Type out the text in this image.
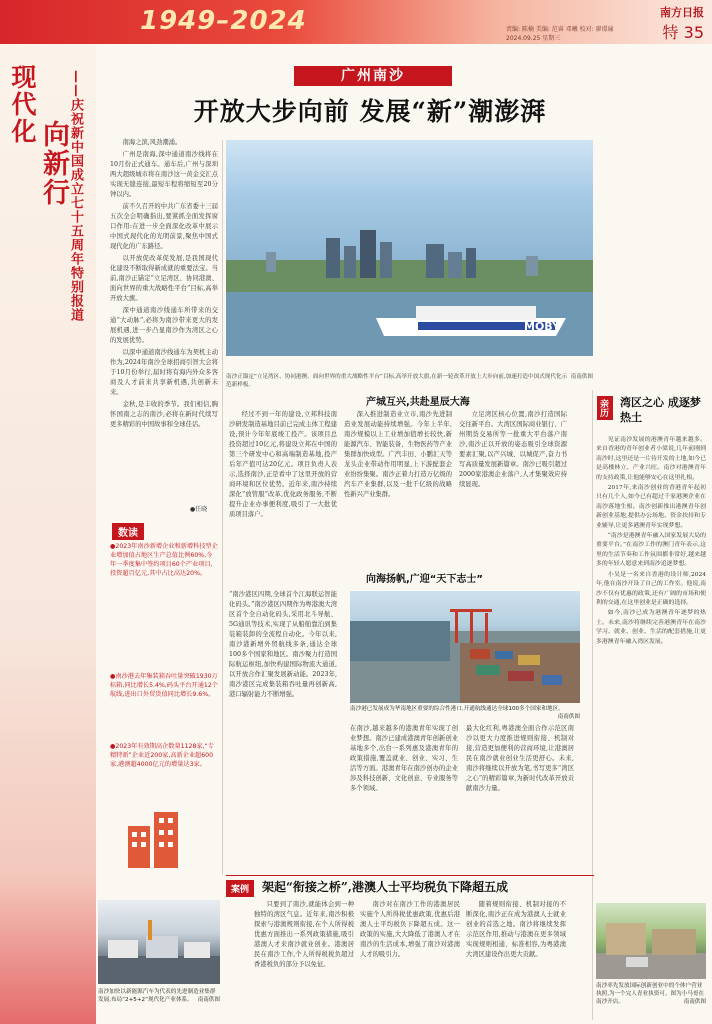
1949–2024	责编: 陈楠 美编: 范睿 邓曦 校对: 廖璟瑜
2024.09.25 星期三
南方日报
特 35
现代化
向新行 ——庆祝新中国成立七十五周年特别报道	广州南沙
开放大步向前 发展“新”潮澎湃

南海之滨,风劲潮涌。

广州是南海,深中通道南沙线将在10月份正式通车。通车后,广州与深圳两大超级城市将在南沙这一黄金交汇点实现无缝连接,最短车程将缩短至20分钟以内。

前不久召开的中共广东省委十三届五次全会明确指出,要紧抓全面发挥窗口作用:在进一步全面深化改革中展示中国式现代化的光明前景,聚焦中国式现代化的广东路径。

以开放促改革促发展,是我国现代化建设不断取得新成就的重要法宝。当前,南沙正锚定“立足湾区、协同港澳、面向世界的重大战略性平台”目标,高举开放大旗。

深中通道南沙线通车所带来的交通“大动脉”,必将为南沙带来更大的发展机遇,进一步凸显南沙作为湾区之心的发展优势。

以深中通道南沙线通车为契机主动作为,2024年南沙全球招商引智大会将于10月份举行,届时将有海内外众多客商及人才前来共享新机遇,共创新未来。

金秋,是丰收的季节。我们相信,胸怀国南之志的南沙,必将在新时代续写更多精彩的中国故事和全球佳话。

●任晓
MOBY
南南供图
南沙正锚定“立足湾区、协同港澳、面向世界的重大战略性平台”目标,高举开放大旗,在新一轮改革开放上大步向前,加速打造中国式现代化示范新样板。
产城互兴,共赴星辰大海

经过不到一年的建设,立邦科技南沙研发制造基地目前已完成主体工程建设,预计今年年底竣工投产。该项目总投资超过10亿元,将建设立邦在中国的第三个研发中心和高端制造基地,投产后年产值可达20亿元。项目负责人表示,选择南沙,正是看中了这里开放的营商环境和区位优势。近年来,南沙持续深化“放管服”改革,优化政务服务,不断提升企业办事便利度,吸引了一大批优质项目落户。

深入推进制造业立市,南沙先进制造业发展动能持续增强。今年上半年,南沙规模以上工业增加值增长较快,新能源汽车、智能装备、生物医药等产业集群加快成型。广汽丰田、小鹏汇天等龙头企业带动作用明显,上下游配套企业纷纷集聚。南沙正着力打造万亿级的汽车产业集群,以及一批千亿级的战略性新兴产业集群。

立足湾区核心位置,南沙打造国际交往新平台。大湾区国际商业银行、广州期货交易所等一批重大平台落户南沙,南沙正以开放的姿态吸引全球资源要素汇聚,以产兴城、以城促产,奋力书写高质量发展新篇章。南沙已吸引超过2000家港澳企业落户,人才集聚效应持续显现。

向海扬帆,广迎“天下志士”

“南沙港区四期,全球首个江海联运智能化码头。”南沙港区四期作为粤港澳大湾区首个全自动化码头,采用北斗导航、5G通讯等技术,实现了从船舶靠泊到集装箱装卸的全流程自动化。今年以来,南沙港新增外贸航线多条,通达全球100多个国家和地区。南沙聚力打造国际航运枢纽,加快构建国际物流大通道,以开放合作汇聚发展新动能。2023年,南沙港区完成集装箱吞吐量再创新高,港口辐射能力不断增强。

南沙港已发展成为华南地区重要的综合性港口,开通航线通达全球100多个国家和地区。
南南供图

在南沙,越来越多的港澳青年实现了创业梦想。南沙已建成港澳青年创新创业基地多个,出台一系列惠及港澳青年的政策措施,覆盖就业、创业、实习、生活等方面。港澳青年在南沙创办的企业涉及科技创新、文化创意、专业服务等多个领域。

最大化红利,粤港澳全面合作示范区南沙以更大力度推进规则衔接、机制对接,营造更加便利的营商环境,让港澳居民在南沙就业创业生活更舒心。未来,南沙将继续以开放为笔,书写更多“湾区之心”的精彩篇章,为新时代改革开放贡献南沙力量。

数读
●2023年南沙新增企业和新增科技型企业增加值占地区生产总值比例60%,今年一季度集中签约项目60个产业项目,投资超百亿元,其中占比高达20%。
●南沙港去年集装箱吞吐量突破1930万标箱,同比增长5.4%,码头平台开通12个航线,进出口外贸货值同比增长9.6%。
●2023年有效期高企数量1128家,“专精特新”企业近200家,高新企业超600家,港澳超4000亿元的增量达3家。
亲历	湾区之心 成逐梦热土

见证南沙发展的港澳青年越来越多。来自香港的青年创业者小梁说,几年前刚到南沙时,这里还是一片待开发的土地,如今已是高楼林立、产业兴旺。南沙对港澳青年的支持政策,让他能够安心在这里扎根。

2017年,来南沙创业的香港青年起初只有几个人,如今已有超过千家港澳企业在南沙落地生根。南沙创新推出港澳青年创新创业基地,提供办公场地、资金扶持和专业辅导,让更多港澳青年实现梦想。

“南沙是港澳青年融入国家发展大局的重要平台。”在南沙工作的澳门青年表示,这里的生活节奏和工作氛围都非常好,越来越多的年轻人愿意来到南沙追逐梦想。

小吴是一名来自香港的设计师,2024年,他在南沙开设了自己的工作室。他说,南沙不仅有优惠的政策,还有广阔的市场和便利的交通,在这里创业是正确的选择。

如今,南沙已成为港澳青年逐梦的热土。未来,南沙将继续完善港澳青年在南沙学习、就业、创业、生活的配套措施,让更多港澳青年融入湾区发展。

南沙率先发放国际创新创业中的个体户营业执照,为一个完人青业执资可。图为小马哥在南沙开店。	南南供图
案例	架起“衔接之桥”,港澳人士平均税负下降超五成

只要到了南沙,就能体会到一种独特的湾区气息。近年来,南沙积极探索与港澳规则衔接,在个人所得税优惠方面推出一系列政策措施,吸引港澳人才来南沙就业创业。港澳居民在南沙工作,个人所得税税负超过香港税负的部分予以免征。

南沙对在南沙工作的港澳居民实施个人所得税优惠政策,优惠后港澳人士平均税负下降超五成。这一政策的实施,大大降低了港澳人才在南沙的生活成本,增强了南沙对港澳人才的吸引力。

随着规则衔接、机制对接的不断深化,南沙正在成为港澳人士就业创业的首选之地。南沙将继续发挥示范区作用,推动与港澳在更多领域实现规则相通、标准相容,为粤港澳大湾区建设作出更大贡献。

南沙加快以新能源汽车为代表的先进制造业集群发展,布局“2+5+2”现代化产业体系。 南南供图
